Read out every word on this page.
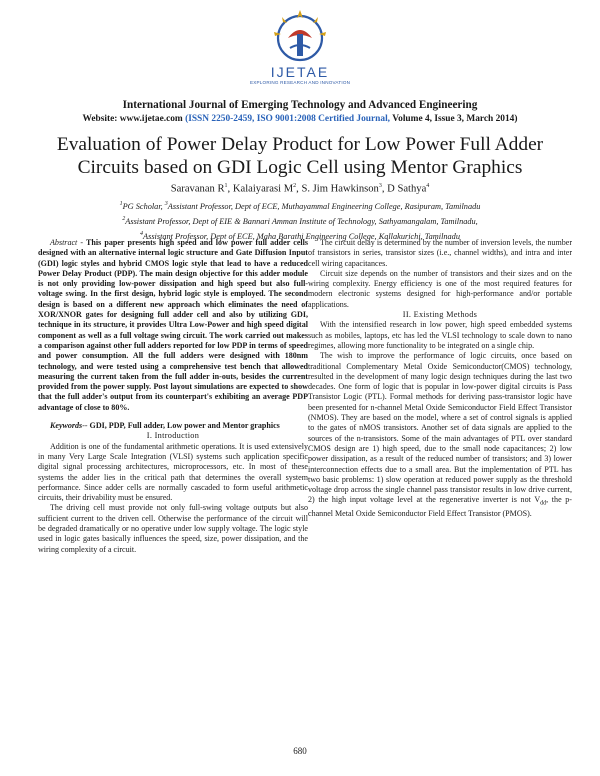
IJETAE
EXPLORING RESEARCH AND INNOVATION
International Journal of Emerging Technology and Advanced Engineering
Website: www.ijetae.com (ISSN 2250-2459, ISO 9001:2008 Certified Journal, Volume 4, Issue 3, March 2014)
Evaluation of Power Delay Product for Low Power Full Adder
Circuits based on GDI Logic Cell using Mentor Graphics
Saravanan $R^1$, Kalaiyarasi $M^2$, S. Jim Hawkinson$^3$, D Sathya$^4$
$^1$PG Scholar, $^3$Assistant Professor, Dept of ECE, Muthayammal Engineering College, Rasipuram, Tamilnadu
$^2$Assistant Professor, Dept of EIE & Bannari Amman Institute of Technology, Sathyamangalam, Tamilnadu,
$^4$Assistant Professor, Dept of ECE, Maha Barathi Engineering College, Kallakurichi, Tamilnadu

Abstract - This paper presents high speed and low power full adder cells designed with an alternative internal logic structure and Gate Diffusion Input (GDI) logic styles and hybrid CMOS logic style that lead to have a reduced Power Delay Product (PDP). The main design objective for this adder module is not only providing low-power dissipation and high speed but also full-voltage swing. In the first design, hybrid logic style is employed. The second design is based on a different new approach which eliminates the need of XOR/XNOR gates for designing full adder cell and also by utilizing GDI, technique in its structure, it provides Ultra Low-Power and high speed digital component as well as a full voltage swing circuit. The work carried out makes a comparison against other full adders reported for low PDP in terms of speed and power consumption. All the full adders were designed with 180nm technology, and were tested using a comprehensive test bench that allowed measuring the current taken from the full adder in-outs, besides the current provided from the power supply. Post layout simulations are expected to show that the full adder's output from its counterpart's exhibiting an average PDP advantage of close to 80%.

Keywords-- GDI, PDP, Full adder, Low power and Mentor graphics

I. Introduction

Addition is one of the fundamental arithmetic operations. It is used extensively in many Very Large Scale Integration (VLSI) systems such application specific digital signal processing architectures, microprocessors, etc. In most of these systems the adder lies in the critical path that determines the overall system performance. Since adder cells are normally cascaded to form useful arithmetic circuits, their drivability must be ensured.

The driving cell must provide not only full-swing voltage outputs but also sufficient current to the driven cell. Otherwise the performance of the circuit will be degraded dramatically or no operative under low supply voltage. The logic style used in logic gates basically influences the speed, size, power dissipation, and the wiring complexity of a circuit.

The circuit delay is determined by the number of inversion levels, the number of transistors in series, transistor sizes (i.e., channel widths), and intra and inter cell wiring capacitances.

Circuit size depends on the number of transistors and their sizes and on the wiring complexity. Energy efficiency is one of the most required features for modern electronic systems designed for high-performance and/or portable applications.

II. Existing Methods

With the intensified research in low power, high speed embedded systems such as mobiles, laptops, etc has led the VLSI technology to scale down to nano regimes, allowing more functionality to be integrated on a single chip.

The wish to improve the performance of logic circuits, once based on traditional Complementary Metal Oxide Semiconductor(CMOS) technology, resulted in the development of many logic design techniques during the last two decades. One form of logic that is popular in low-power digital circuits is Pass Transistor Logic (PTL). Formal methods for deriving pass-transistor logic have been presented for n-channel Metal Oxide Semiconductor Field Effect Transistor (NMOS). They are based on the model, where a set of control signals is applied to the gates of nMOS transistors. Another set of data signals are applied to the sources of the n-transistors. Some of the main advantages of PTL over standard CMOS design are 1) high speed, due to the small node capacitances; 2) low power dissipation, as a result of the reduced number of transistors; and 3) lower interconnection effects due to a small area. But the implementation of PTL has two basic problems: 1) slow operation at reduced power supply as the threshold voltage drop across the single channel pass transistor results in low drive current, 2) the high input voltage level at the regenerative inverter is not $V_{dd}$, the p-channel Metal Oxide Semiconductor Field Effect Transistor (PMOS).

680
